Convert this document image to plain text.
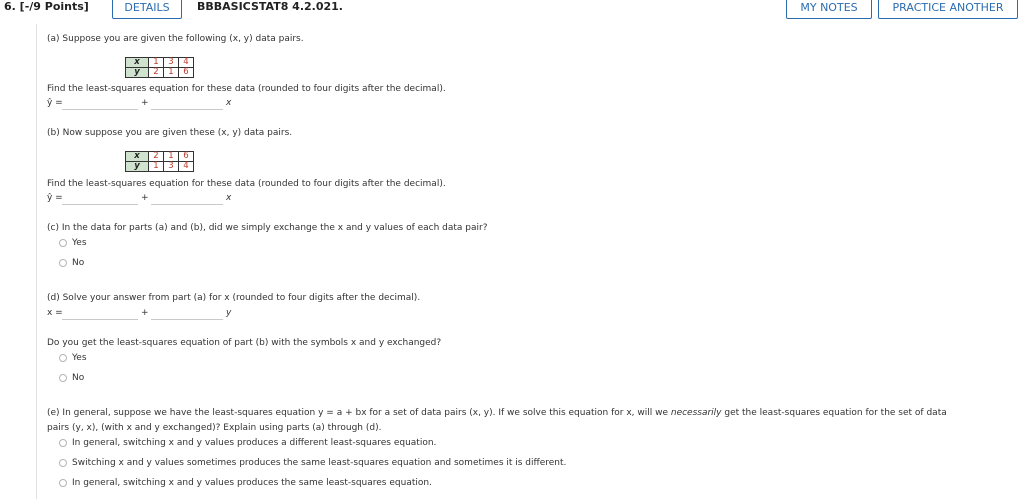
6. [-/9 Points]	DETAILS	BBBASICSTAT8 4.2.021.	MY NOTES	PRACTICE ANOTHER
(a) Suppose you are given the following (x, y) data pairs.
x	1	3	4
y	2	1	6
Find the least-squares equation for these data (rounded to four digits after the decimal).
ŷ =	+	x
(b) Now suppose you are given these (x, y) data pairs.
x	2	1	6
y	1	3	4
Find the least-squares equation for these data (rounded to four digits after the decimal).
ŷ =	+	x
(c) In the data for parts (a) and (b), did we simply exchange the x and y values of each data pair?
Yes
No
(d) Solve your answer from part (a) for x (rounded to four digits after the decimal).
x =	+	y
Do you get the least-squares equation of part (b) with the symbols x and y exchanged?
Yes
No
(e) In general, suppose we have the least-squares equation y = a + bx for a set of data pairs (x, y). If we solve this equation for x, will we necessarily get the least-squares equation for the set of data
pairs (y, x), (with x and y exchanged)? Explain using parts (a) through (d).
In general, switching x and y values produces a different least-squares equation.
Switching x and y values sometimes produces the same least-squares equation and sometimes it is different.
In general, switching x and y values produces the same least-squares equation.
